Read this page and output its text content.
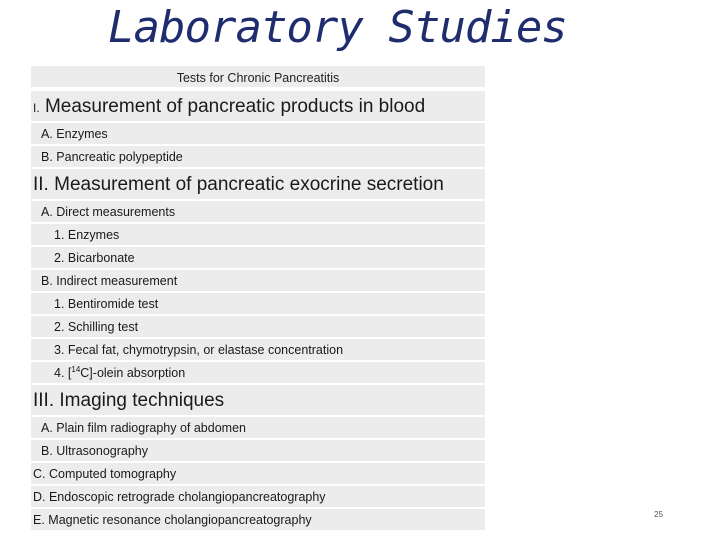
Laboratory Studies
Tests for Chronic Pancreatitis
I. Measurement of pancreatic products in blood
A. Enzymes
B. Pancreatic polypeptide
II. Measurement of pancreatic exocrine secretion
A. Direct measurements
1. Enzymes
2. Bicarbonate
B. Indirect measurement
1. Bentiromide test
2. Schilling test
3. Fecal fat, chymotrypsin, or elastase concentration
4. [$^{14}$C]-olein absorption
III. Imaging techniques
A. Plain film radiography of abdomen
B. Ultrasonography
C. Computed tomography
D. Endoscopic retrograde cholangiopancreatography
E. Magnetic resonance cholangiopancreatography	25
